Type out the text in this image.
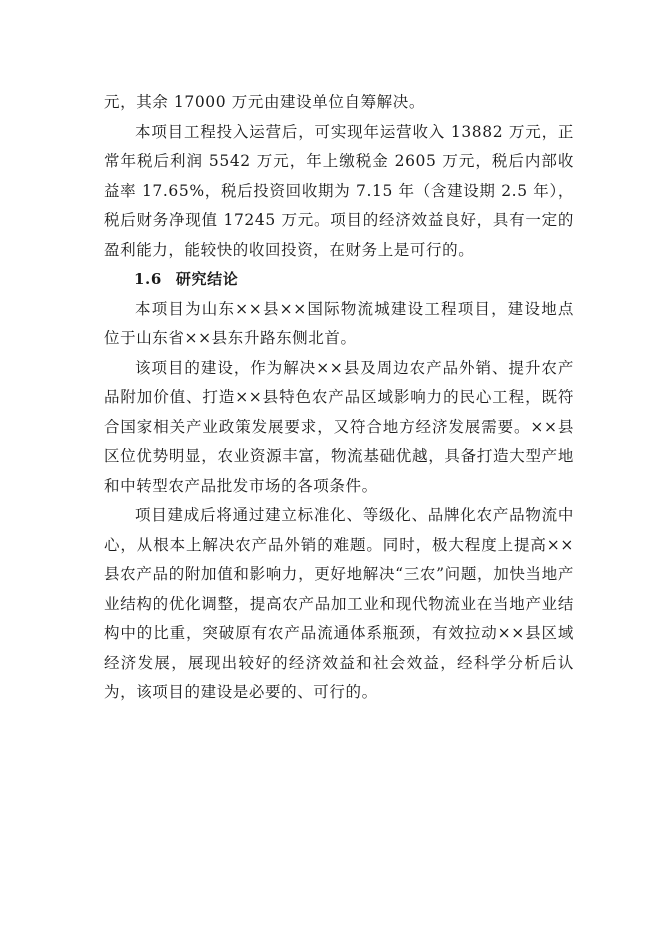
元，其余 17000 万元由建设单位自筹解决。

本项目工程投入运营后，可实现年运营收入 13882 万元，正常年税后利润 5542 万元，年上缴税金 2605 万元，税后内部收益率 17.65%，税后投资回收期为 7.15 年（含建设期 2.5 年），税后财务净现值 17245 万元。项目的经济效益良好，具有一定的盈利能力，能较快的收回投资，在财务上是可行的。

1.6 研究结论

本项目为山东××县××国际物流城建设工程项目，建设地点位于山东省××县东升路东侧北首。

该项目的建设，作为解决××县及周边农产品外销、提升农产品附加价值、打造××县特色农产品区域影响力的民心工程，既符合国家相关产业政策发展要求，又符合地方经济发展需要。××县区位优势明显，农业资源丰富，物流基础优越，具备打造大型产地和中转型农产品批发市场的各项条件。

项目建成后将通过建立标准化、等级化、品牌化农产品物流中心，从根本上解决农产品外销的难题。同时，极大程度上提高××县农产品的附加值和影响力，更好地解决“三农”问题，加快当地产业结构的优化调整，提高农产品加工业和现代物流业在当地产业结构中的比重，突破原有农产品流通体系瓶颈，有效拉动××县区域经济发展，展现出较好的经济效益和社会效益，经科学分析后认为，该项目的建设是必要的、可行的。
